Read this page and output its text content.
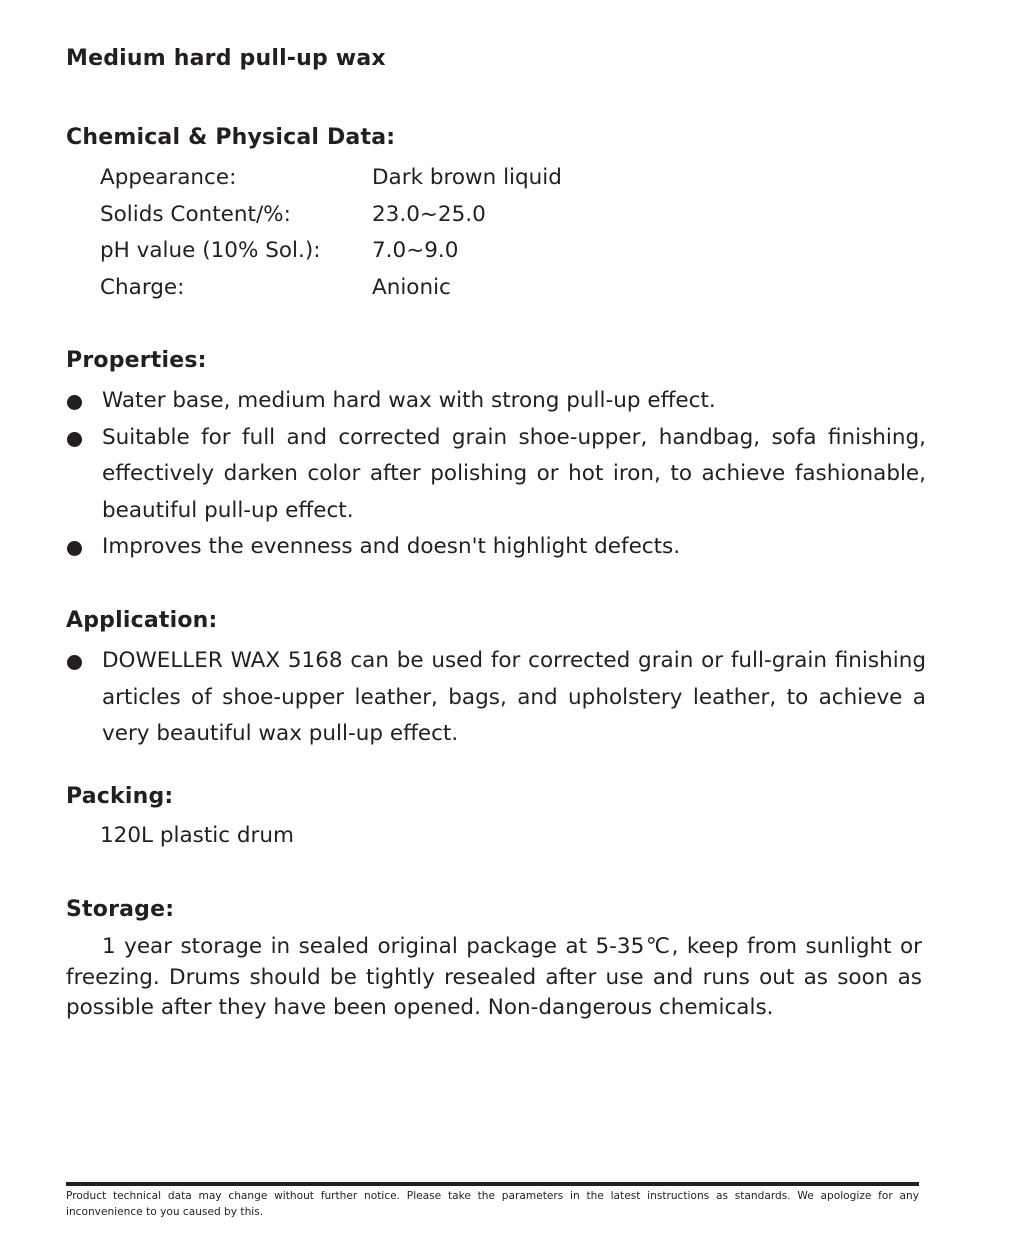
Medium hard pull-up wax
Chemical & Physical Data:
Appearance:	Dark brown liquid
Solids Content/%:	23.0~25.0
pH value (10% Sol.): 7.0~9.0
Charge:	Anionic
Properties:
Water base, medium hard wax with strong pull-up effect.
Suitable for full and corrected grain shoe-upper, handbag, sofa finishing, effectively darken color after polishing or hot iron, to achieve fashionable, beautiful pull-up effect.
Improves the evenness and doesn't highlight defects.
Application:
DOWELLER WAX 5168 can be used for corrected grain or full-grain finishing articles of shoe-upper leather, bags, and upholstery leather, to achieve a very beautiful wax pull-up effect.
Packing:
120L plastic drum
Storage:
1 year storage in sealed original package at 5-35℃, keep from sunlight or freezing. Drums should be tightly resealed after use and runs out as soon as possible after they have been opened. Non-dangerous chemicals.
Product technical data may change without further notice. Please take the parameters in the latest instructions as standards. We apologize for any inconvenience to you caused by this.
